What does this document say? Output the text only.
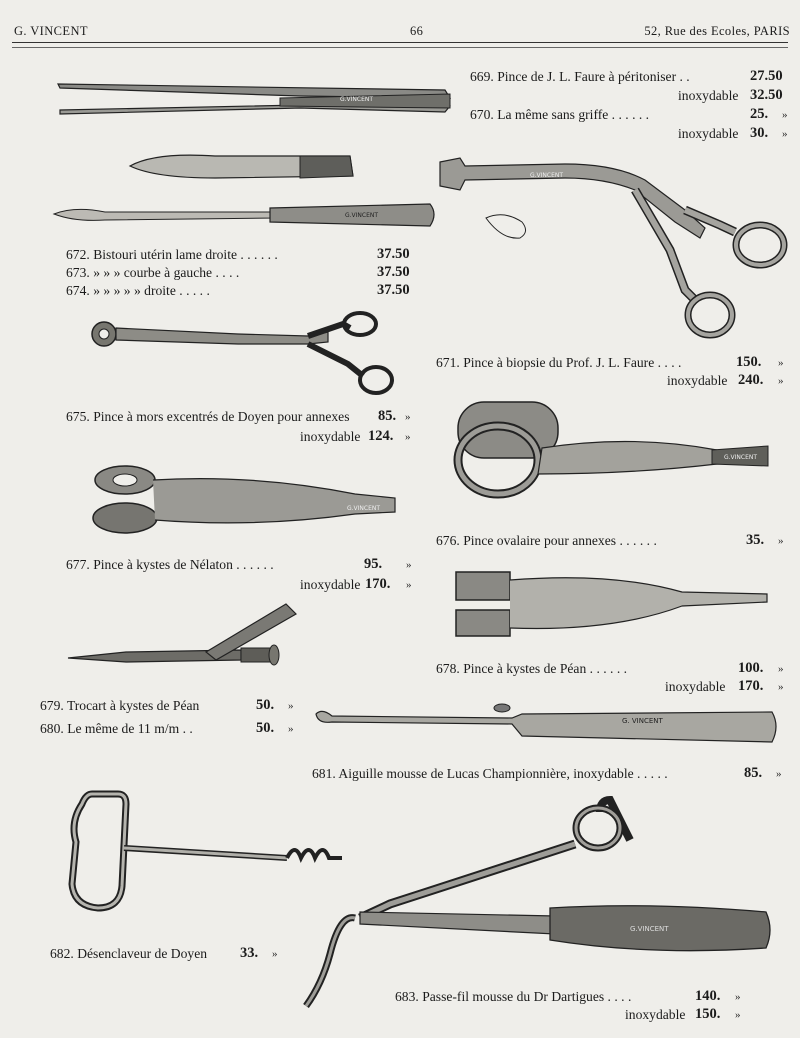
G. VINCENT	66	52, Rue des Ecoles, PARIS
G.VINCENT
G.VINCENT
G.VINCENT
G.VINCENT
G.VINCENT
G. VINCENT
G.VINCENT
669. Pince de J. L. Faure à péritoniser . .	27.50
inoxydable 32.50
670. La même sans griffe . . . . . .	25. »
inoxydable 30. »
672. Bistouri utérin lame droite . . . . . .	37.50
673. » » » courbe à gauche . . . .	37.50
674. » » » » » droite . . . . .	37.50
671. Pince à biopsie du Prof. J. L. Faure . . . .	150. »
inoxydable 240. »
675. Pince à mors excentrés de Doyen pour annexes 85. »
inoxydable 124. »
676. Pince ovalaire pour annexes . . . . . .	35. »
677. Pince à kystes de Nélaton . . . . . .	95. »
inoxydable 170. »
678. Pince à kystes de Péan . . . . . .	100. »
inoxydable 170. »
679. Trocart à kystes de Péan	50. »
680. Le même de 11 m/m . .	50. »
681. Aiguille mousse de Lucas Championnière, inoxydable . . . . .	85. »
682. Désenclaveur de Doyen 33. »
683. Passe-fil mousse du Dr Dartigues . . . .	140. »
inoxydable 150. »
